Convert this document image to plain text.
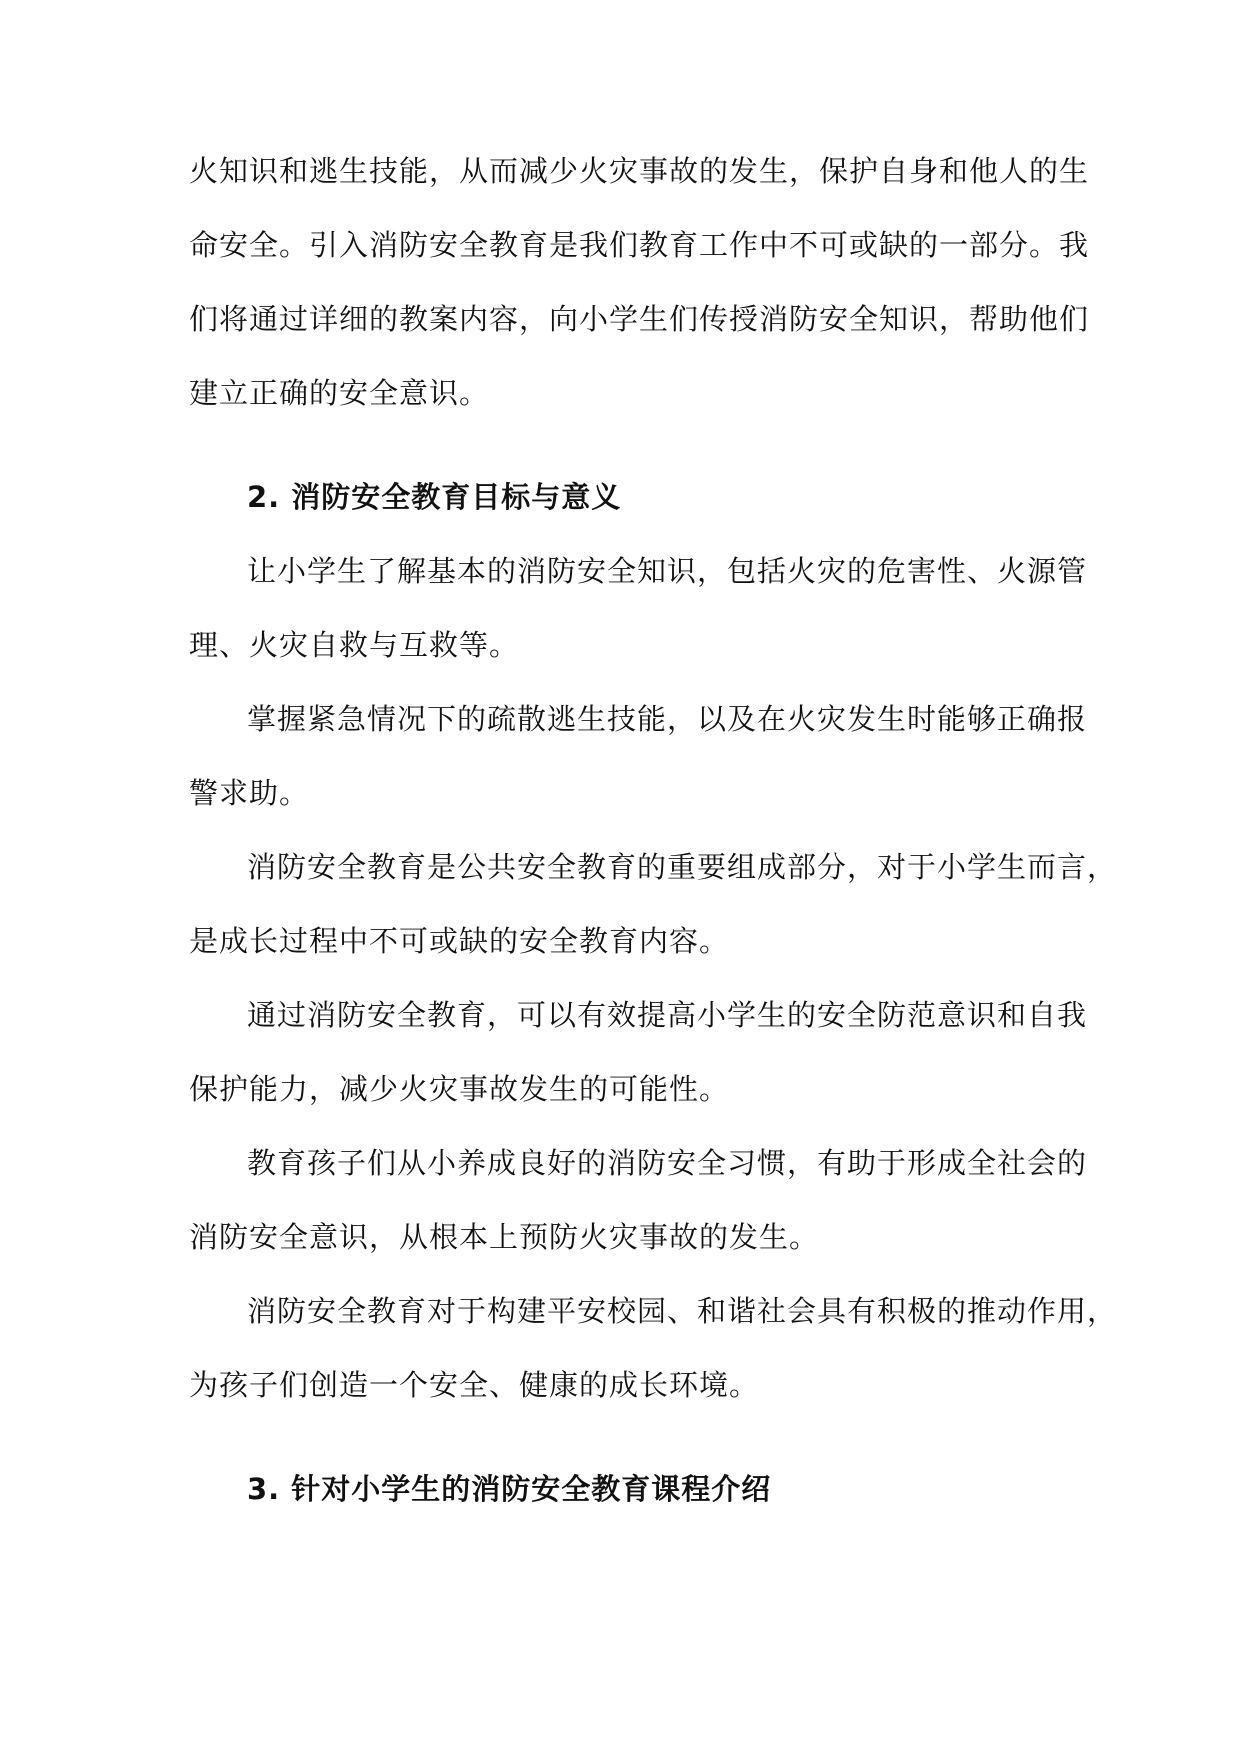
火知识和逃生技能，从而减少火灾事故的发生，保护自身和他人的生
命安全。引入消防安全教育是我们教育工作中不可或缺的一部分。我
们将通过详细的教案内容，向小学生们传授消防安全知识，帮助他们
建立正确的安全意识。
2. 消防安全教育目标与意义
让小学生了解基本的消防安全知识，包括火灾的危害性、火源管
理、火灾自救与互救等。
掌握紧急情况下的疏散逃生技能，以及在火灾发生时能够正确报
警求助。
消防安全教育是公共安全教育的重要组成部分，对于小学生而言，
是成长过程中不可或缺的安全教育内容。
通过消防安全教育，可以有效提高小学生的安全防范意识和自我
保护能力，减少火灾事故发生的可能性。
教育孩子们从小养成良好的消防安全习惯，有助于形成全社会的
消防安全意识，从根本上预防火灾事故的发生。
消防安全教育对于构建平安校园、和谐社会具有积极的推动作用，
为孩子们创造一个安全、健康的成长环境。
3. 针对小学生的消防安全教育课程介绍
